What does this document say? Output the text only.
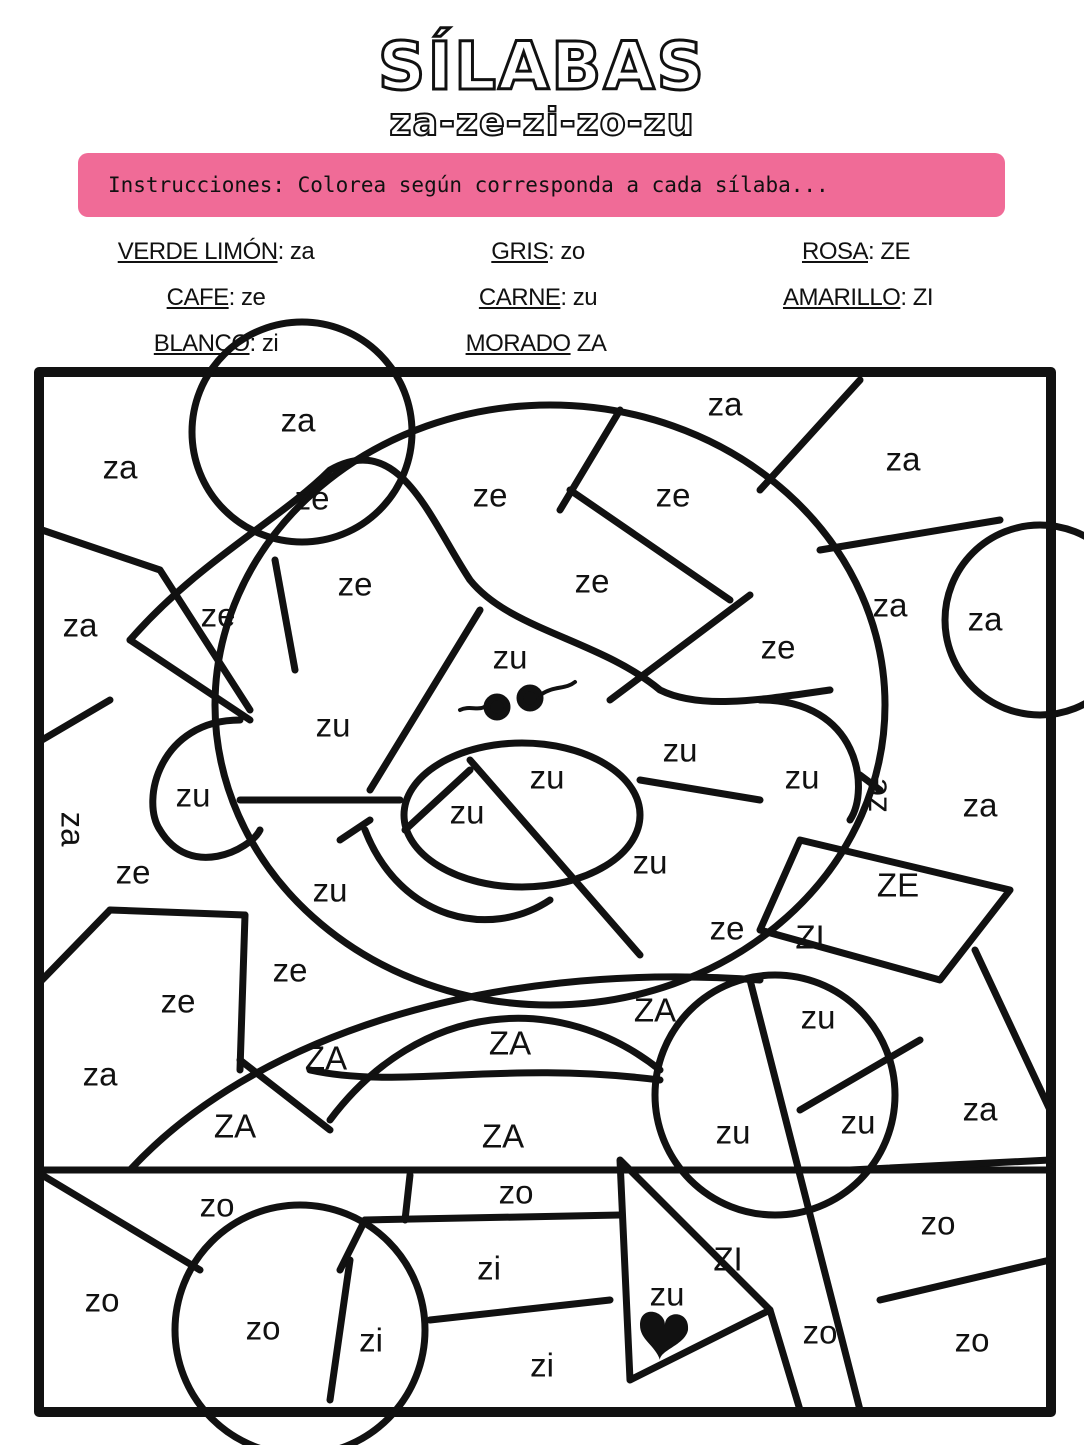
SÍLABAS
za-ze-zi-zo-zu
Instrucciones: Colorea según corresponda a cada sílaba...
VERDE LIMÓN: za	GRIS: zo	ROSA: ZE
CAFE: ze	CARNE: zu	AMARILLO: ZI
BLANCO: zi	MORADO ZA
za
za
za
za
za
za za
za
za
za
za
ze	ze	ze
ze
ze
ze
ze
ze
ze
ze
ze
ze
zu
zu
zu	zu
zu
zu
zu
zu
zu
zu
zu	zu
zu
ZE
ZI
ZA	ZA
ZA
ZA	ZA
ZI
zo	zo
zo
zo
zo	zo	zo
zi
zi
zi
